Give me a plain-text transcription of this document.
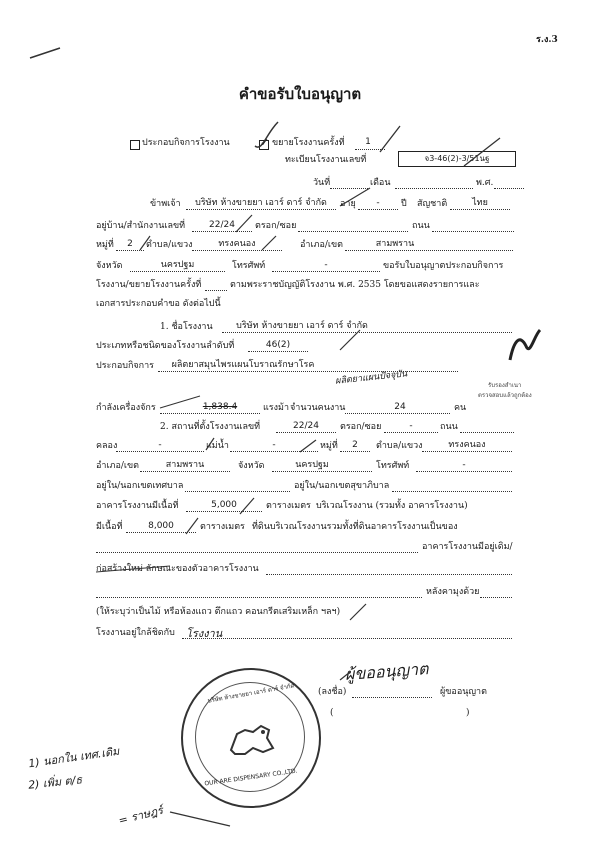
ร.ง.3
คำขอรับใบอนุญาต
ประกอบกิจการโรงงาน	✓ ขยายโรงงานครั้งที่	1
ทะเบียนโรงงานเลขที่	จ3-46(2)-3/51นฐ
วันที่	เดือน	พ.ศ.
ข้าพเจ้า	บริษัท ห้างขายยา เอาร์ ดาร์ จำกัด	อายุ	-	ปี สัญชาติ	ไทย
อยู่บ้าน/สำนักงานเลขที่	22/24	ตรอก/ซอย	ถนน
หมู่ที่	2	ตำบล/แขวง	ทรงคนอง	อำเภอ/เขต	สามพราน
จังหวัด	นครปฐม	โทรศัพท์	-	ขอรับใบอนุญาตประกอบกิจการ
โรงงาน/ขยายโรงงานครั้งที่	ตามพระราชบัญญัติโรงงาน พ.ศ. 2535 โดยขอแสดงรายการและ
เอกสารประกอบคำขอ ดังต่อไปนี้
1. ชื่อโรงงาน	บริษัท ห้างขายยา เอาร์ ดาร์ จำกัด
ประเภทหรือชนิดของโรงงานลำดับที่	46(2)
ประกอบกิจการ	ผลิตยาสมุนไพรแผนโบราณรักษาโรค
ผลิตยาแผนปัจจุบัน	รับรองสำเนา
ตรวจสอบแล้วถูกต้อง
กำลังเครื่องจักร	1,838.4	แรงม้า จำนวนคนงาน	24	คน
2. สถานที่ตั้งโรงงานเลขที่	22/24	ตรอก/ซอย	-	ถนน
คลอง	-	แม่น้ำ	-	หมู่ที่	2	ตำบล/แขวง	ทรงคนอง
อำเภอ/เขต	สามพราน	จังหวัด	นครปฐม	โทรศัพท์	-
อยู่ใน/นอกเขตเทศบาล	อยู่ใน/นอกเขตสุขาภิบาล
อาคารโรงงานมีเนื้อที่	5,000	ตารางเมตร บริเวณโรงงาน (รวมทั้ง อาคารโรงงาน)
มีเนื้อที่	8,000	ตารางเมตร ที่ดินบริเวณโรงงานรวมทั้งที่ดินอาคารโรงงานเป็นของ
อาคารโรงงานมีอยู่เดิม/
ก่อสร้างใหม่ ลักษณะของตัวอาคารโรงงาน
หลังคามุงด้วย
(ให้ระบุว่าเป็นไม้ หรือห้องแถว ตึกแถว คอนกรีตเสริมเหล็ก ฯลฯ)
โรงงานอยู่ใกล้ชิดกับ โรงงาน
ผู้ขออนุญาต
(ลงชื่อ)	ผู้ขออนุญาต
(	)
บริษัท ห้างขายยา เอาร์ ดาร์ จำกัด
OUR ARE DISPENSARY CO.,LTD.
1) นอกใน เทศ.เดิม
2) เพิ่ม ต/ธ
= ราษฎร์
